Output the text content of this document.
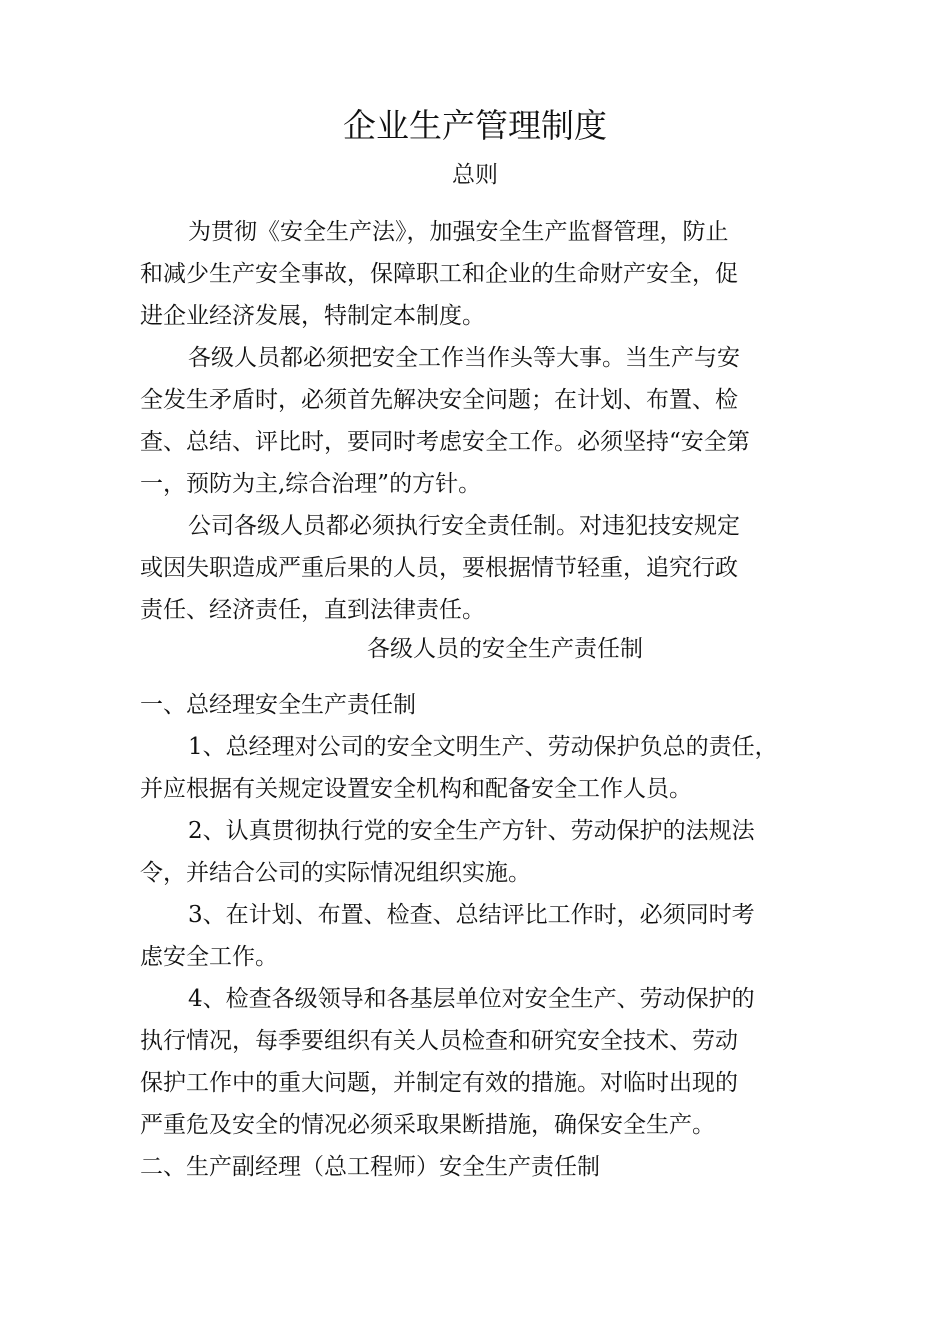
企业生产管理制度
总则
为贯彻《安全生产法》，加强安全生产监督管理，防止
和减少生产安全事故，保障职工和企业的生命财产安全，促
进企业经济发展，特制定本制度。
各级人员都必须把安全工作当作头等大事。当生产与安
全发生矛盾时，必须首先解决安全问题；在计划、布置、检
查、总结、评比时，要同时考虑安全工作。必须坚持“安全第
一，预防为主,综合治理”的方针。
公司各级人员都必须执行安全责任制。对违犯技安规定
或因失职造成严重后果的人员，要根据情节轻重，追究行政
责任、经济责任，直到法律责任。
各级人员的安全生产责任制
一、总经理安全生产责任制
1、总经理对公司的安全文明生产、劳动保护负总的责任，
并应根据有关规定设置安全机构和配备安全工作人员。
2、认真贯彻执行党的安全生产方针、劳动保护的法规法
令，并结合公司的实际情况组织实施。
3、在计划、布置、检查、总结评比工作时，必须同时考
虑安全工作。
4、检查各级领导和各基层单位对安全生产、劳动保护的
执行情况，每季要组织有关人员检查和研究安全技术、劳动
保护工作中的重大问题，并制定有效的措施。对临时出现的
严重危及安全的情况必须采取果断措施，确保安全生产。
二、生产副经理（总工程师）安全生产责任制
